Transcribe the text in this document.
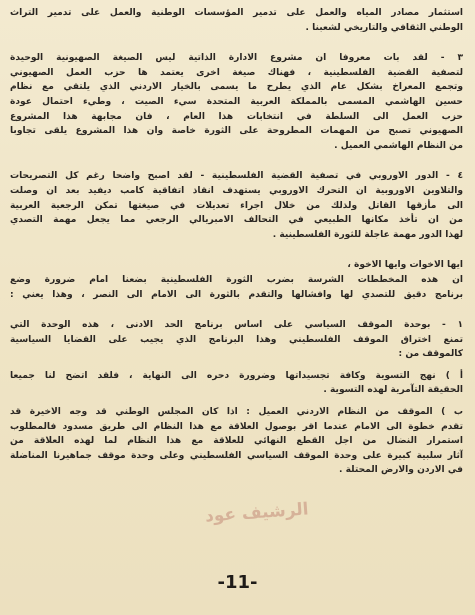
استثمار مصادر المياه والعمل على تدمير المؤسسات الوطنية والعمل على تدمير التراث
الوطني الثقافي والتاريخي لشعبنا .
٣ - لقد بات معروفا ان مشروع الادارة الذاتية ليس الصيغة الصهيونية الوحيدة
لتصفية القضية الفلسطينية ، فهناك صيغة اخرى يعتمد ها حزب العمل الصهيوني
وتجمع المعراخ بشكل عام الذي يطرح ما يسمى بالخيار الاردني الذي يلتقي مع نظام
حسين الهاشمي المسمى بالمملكة العربية المتحدة سيء الصيت ، وطيء احتمال عودة
حزب العمل الى السلطة في انتخابات هذا العام ، فان مجابهة هذا المشروع
الصهيوني تصبح من المهمات المطروحة على الثورة خاصة وان هذا المشروع يلقى تجاوبا
من النظام الهاشمي العميل .
٤ - الدور الاوروبي في تصفية القضية الفلسطينية - لقد اصبح واضحا رغم كل التصريحات
والتلاوين الاوروبية ان التحرك الاوروبي يستهدف انقاذ اتفاقية كامب ديفيد بعد ان وصلت
الى مأزقها القاتل ولذلك من خلال اجراء تعديلات في صيغتها تمكن الرجعية العربية
من ان تأخذ مكانها الطبيعي في التحالف الامبريالي الرجعي مما يجعل مهمة التصدي
لهذا الدور مهمة عاجلة للثورة الفلسطينية .
ايها الاخوات وايها الاخوة ،
ان هذه المخططات الشرسة بضرب الثورة الفلسطينية بضعنا امام ضرورة وضع
برنامج دقيق للتصدي لها وافشالها والتقدم بالثورة الى الامام الى النصر ، وهذا يعني :
١ - بوحدة الموقف السياسي على اساس برنامج الحد الادنى ، هذه الوحدة التي
تمنع اختراق الموقف الفلسطيني وهذا البرنامج الذي يجيب على القضايا السياسية
كالموقف من :
أ ) نهج التسوية وكافة تجسيداتها وضرورة دحره الى النهاية ، فلقد اتضح لنا جميعا
الحقيقة التآمرية لهذه التسوية .
ب ) الموقف من النظام الاردني العميل : اذا كان المجلس الوطني قد وجه الاخيرة قد
تقدم خطوة الى الامام عندما اقر بوصول العلاقة مع هذا النظام الى طريق مسدود فالمطلوب
استمرار النضال من اجل القطع النهائي للعلاقة مع هذا النظام لما لهذه العلاقة من
آثار سلبية كبيرة على وحدة الموقف السياسي الفلسطيني وعلى وحدة موقف جماهيرنا المناضلة
في الاردن والارض المحتلة .
الرشيف عود
-11-
